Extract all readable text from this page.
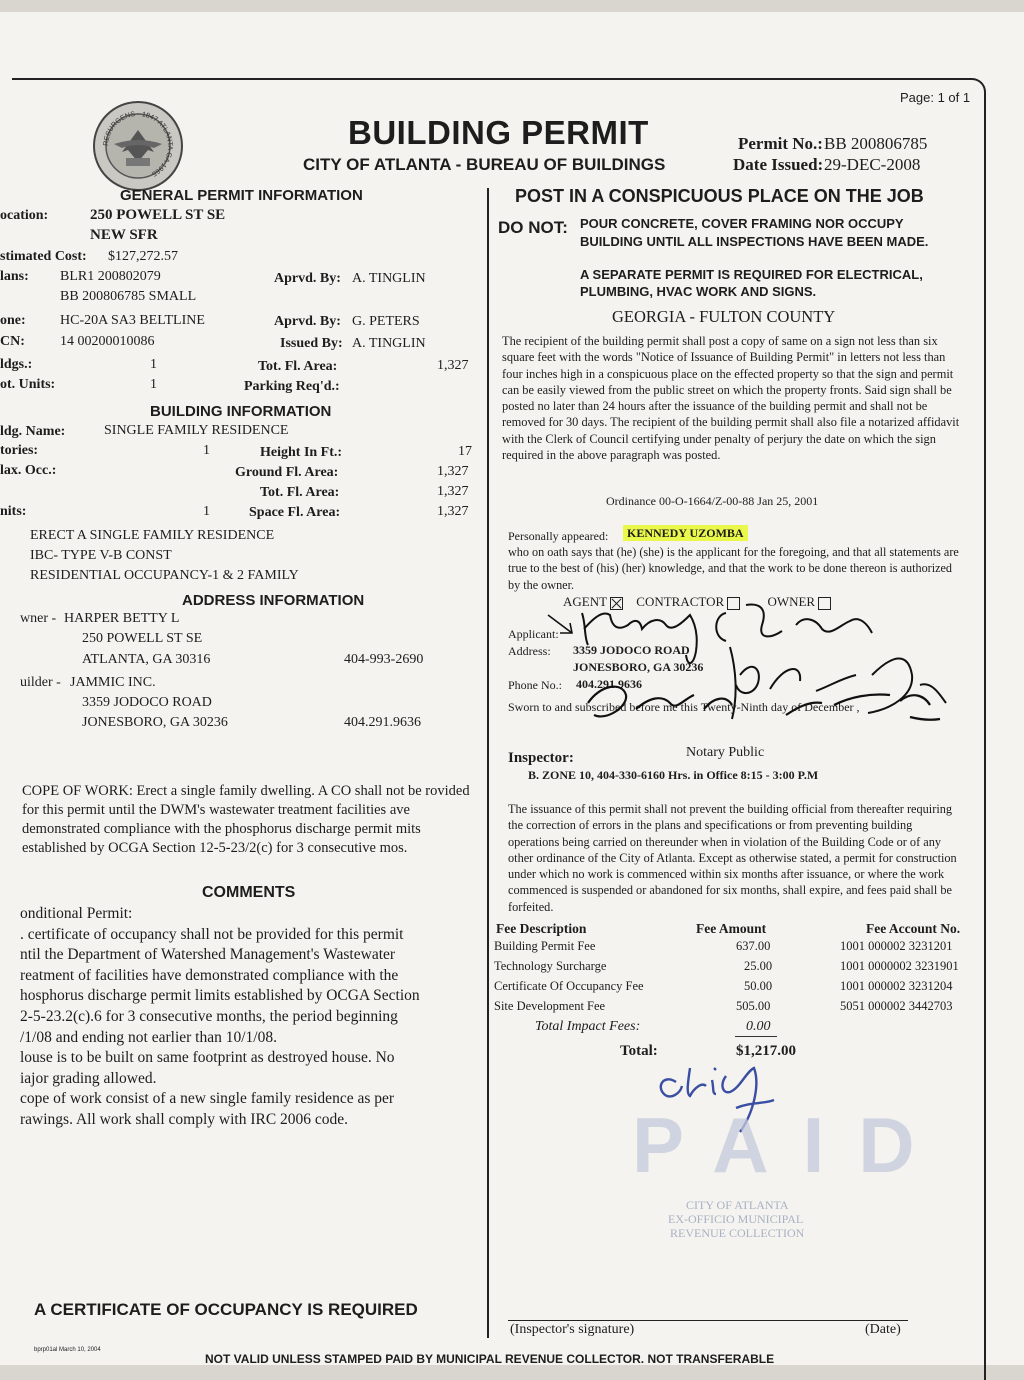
Page: 1 of 1
RESURGENS · 1847 ATLANTA GA 1965
BUILDING PERMIT
CITY OF ATLANTA - BUREAU OF BUILDINGS
Permit No.: BB 200806785
Date Issued: 29-DEC-2008
GENERAL PERMIT INFORMATION
ocation:	250 POWELL ST SE
NEW SFR
stimated Cost: $127,272.57
lans: BLR1 200802079	Aprvd. By: A. TINGLIN
BB 200806785 SMALL
one: HC-20A SA3 BELTLINE	Aprvd. By: G. PETERS
CN:	14 00200010086	Issued By: A. TINGLIN
ldgs.:	1	Tot. Fl. Area:	1,327
ot. Units:	1	Parking Req'd.:
BUILDING INFORMATION
ldg. Name:	SINGLE FAMILY RESIDENCE
tories:	1	Height In Ft.:	17
lax. Occ.:	Ground Fl. Area:	1,327
Tot. Fl. Area:	1,327
nits:	1	Space Fl. Area:	1,327
ERECT A SINGLE FAMILY RESIDENCE
IBC- TYPE V-B CONST
RESIDENTIAL OCCUPANCY-1 & 2 FAMILY
ADDRESS INFORMATION
wner - HARPER BETTY L
250 POWELL ST SE
ATLANTA, GA 30316	404-993-2690
uilder - JAMMIC INC.
3359 JODOCO ROAD
JONESBORO, GA 30236	404.291.9636
COPE OF WORK: Erect a single family dwelling. A CO shall not be rovided for this permit until the DWM's wastewater treatment facilities ave demonstrated compliance with the phosphorus discharge permit mits established by OCGA Section 12-5-23/2(c) for 3 consecutive mos.
COMMENTS
onditional Permit:
. certificate of occupancy shall not be provided for this permit
ntil the Department of Watershed Management's Wastewater
reatment of facilities have demonstrated compliance with the
hosphorus discharge permit limits established by OCGA Section
2-5-23.2(c).6 for 3 consecutive months, the period beginning
/1/08 and ending not earlier than 10/1/08.
louse is to be built on same footprint as destroyed house. No
iajor grading allowed.
cope of work consist of a new single family residence as per
rawings. All work shall comply with IRC 2006 code.
A CERTIFICATE OF OCCUPANCY IS REQUIRED
POST IN A CONSPICUOUS PLACE ON THE JOB
DO NOT: POUR CONCRETE, COVER FRAMING NOR OCCUPY
BUILDING UNTIL ALL INSPECTIONS HAVE BEEN MADE.
A SEPARATE PERMIT IS REQUIRED FOR ELECTRICAL,
PLUMBING, HVAC WORK AND SIGNS.
GEORGIA - FULTON COUNTY
The recipient of the building permit shall post a copy of same on a sign not less than six square feet with the words "Notice of Issuance of Building Permit" in letters not less than four inches high in a conspicuous place on the effected property so that the sign and permit can be easily viewed from the public street on which the property fronts. Said sign shall be posted no later than 24 hours after the issuance of the building permit and shall not be removed for 30 days. The recipient of the building permit shall also file a notarized affidavit with the Clerk of Council certifying under penalty of perjury the date on which the sign required in the above paragraph was posted.
Ordinance 00-O-1664/Z-00-88 Jan 25, 2001
Personally appeared:	KENNEDY UZOMBA
who on oath says that (he) (she) is the applicant for the foregoing, and that all statements are true to the best of (his) (her) knowledge, and that the work to be done thereon is authorized by the owner.
AGENT CONTRACTOR	OWNER
Applicant:
Address: 3359 JODOCO ROAD
JONESBORO, GA 30236
Phone No.: 404.291.9636
Sworn to and subscribed before me this Twenty-Ninth day of December ,
Notary Public
Inspector:
B. ZONE 10, 404-330-6160 Hrs. in Office 8:15 - 3:00 P.M
The issuance of this permit shall not prevent the building official from thereafter requiring the correction of errors in the plans and specifications or from preventing building operations being carried on thereunder when in violation of the Building Code or of any other ordinance of the City of Atlanta. Except as otherwise stated, a permit for construction under which no work is commenced within six months after issuance, or where the work commenced is suspended or abandoned for six months, shall expire, and fees paid shall be forfeited.
Fee Description	Fee Amount	Fee Account No.
Building Permit Fee	637.00	1001 000002 3231201
Technology Surcharge	25.00	1001 0000002 3231901
Certificate Of Occupancy Fee	50.00	1001 000002 3231204
Site Development Fee	505.00	5051 000002 3442703
Total Impact Fees:	0.00
Total:	$1,217.00
PAID
CITY OF ATLANTA
EX-OFFICIO MUNICIPAL
REVENUE COLLECTION
(Inspector's signature)	(Date)
bprp01al March 10, 2004
NOT VALID UNLESS STAMPED PAID BY MUNICIPAL REVENUE COLLECTOR. NOT TRANSFERABLE
